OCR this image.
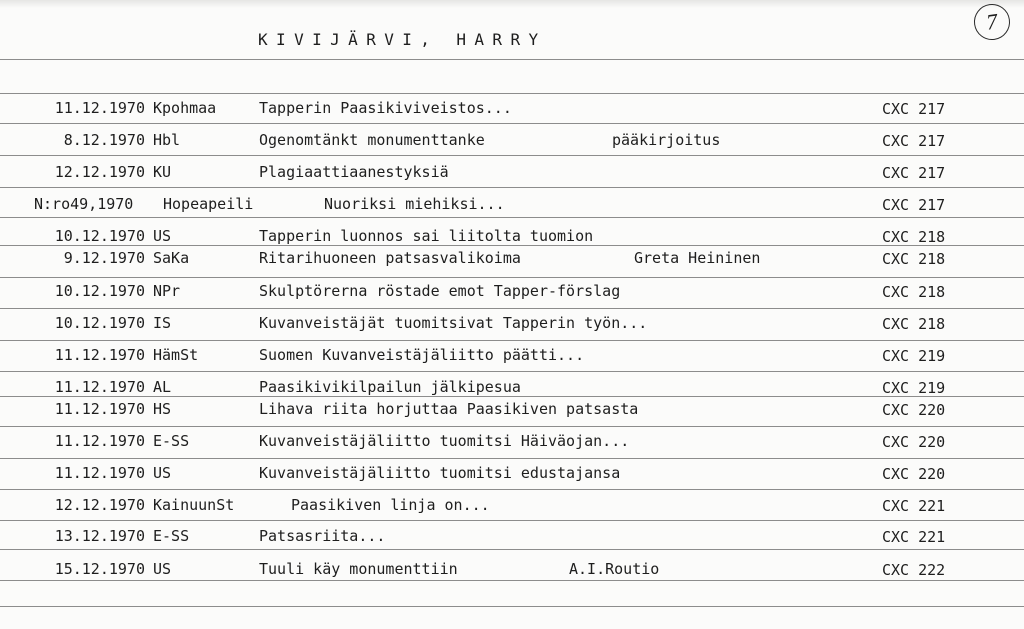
KIVIJÄRVI, HARRY
7
11.12.1970 Kpohmaa	Tapperin Paasikiviveistos...	CXC 217
8.12.1970 Hbl	Ogenomtänkt monumenttanke	pääkirjoitus	CXC 217
12.12.1970 KU	Plagiaattiaanestyksiä	CXC 217
N:ro49,1970 Hopeapeili	Nuoriksi miehiksi...	CXC 217
10.12.1970 US	Tapperin luonnos sai liitolta tuomion	CXC 218
9.12.1970 SaKa	Ritarihuoneen patsasvalikoima	Greta Heininen	CXC 218
10.12.1970 NPr	Skulptörerna röstade emot Tapper-förslag	CXC 218
10.12.1970 IS	Kuvanveistäjät tuomitsivat Tapperin työn...	CXC 218
11.12.1970 HämSt	Suomen Kuvanveistäjäliitto päätti...	CXC 219
11.12.1970 AL	Paasikivikilpailun jälkipesua	CXC 219
11.12.1970 HS	Lihava riita horjuttaa Paasikiven patsasta	CXC 220
11.12.1970 E-SS	Kuvanveistäjäliitto tuomitsi Häiväojan...	CXC 220
11.12.1970 US	Kuvanveistäjäliitto tuomitsi edustajansa	CXC 220
12.12.1970 KainuunSt	Paasikiven linja on...	CXC 221
13.12.1970 E-SS	Patsasriita...	CXC 221
15.12.1970 US	Tuuli käy monumenttiin	A.I.Routio	CXC 222
